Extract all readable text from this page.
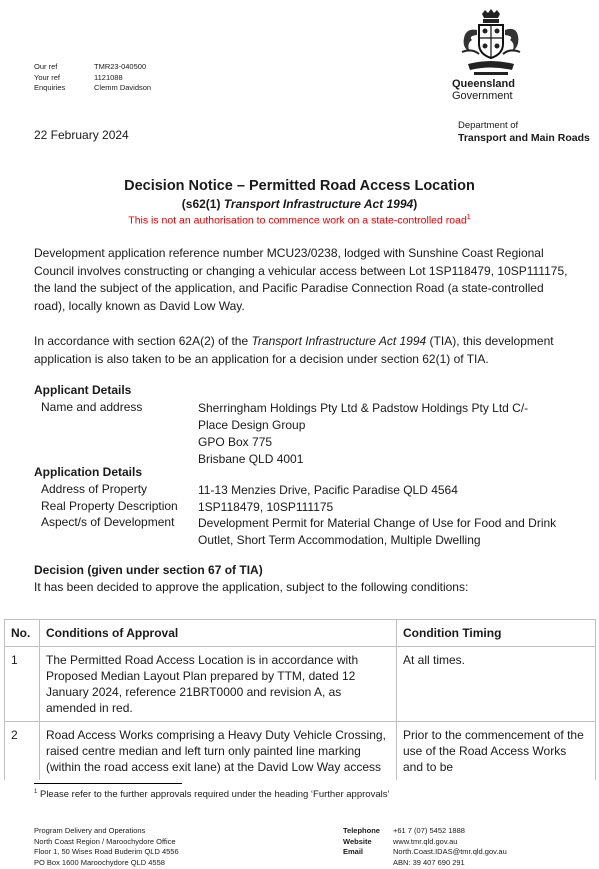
Our ref	TMR23-040500
Your ref	1121088
Enquiries	Clemm Davidson	Queensland
Government
Department of
Transport and Main Roads
22 February 2024
Decision Notice – Permitted Road Access Location
(s62(1) Transport Infrastructure Act 1994)
This is not an authorisation to commence work on a state-controlled road$^1$
Development application reference number MCU23/0238, lodged with Sunshine Coast Regional Council involves constructing or changing a vehicular access between Lot 1SP118479, 10SP111175, the land the subject of the application, and Pacific Paradise Connection Road (a state-controlled road), locally known as David Low Way.
In accordance with section 62A(2) of the Transport Infrastructure Act 1994 (TIA), this development application is also taken to be an application for a decision under section 62(1) of TIA.
Applicant Details
Name and address	Sherringham Holdings Pty Ltd & Padstow Holdings Pty Ltd C/-
Place Design Group
GPO Box 775
Brisbane QLD 4001
Application Details
Address of Property	11-13 Menzies Drive, Pacific Paradise QLD 4564
Real Property Description 1SP118479, 10SP111175
Aspect/s of Development Development Permit for Material Change of Use for Food and Drink Outlet, Short Term Accommodation, Multiple Dwelling
Decision (given under section 67 of TIA)
It has been decided to approve the application, subject to the following conditions:
No.	Conditions of Approval	Condition Timing
1	The Permitted Road Access Location is in accordance with Proposed Median Layout Plan prepared by TTM, dated 12 January 2024, reference 21BRT0000 and revision A, as amended in red.	At all times.
2	Road Access Works comprising a Heavy Duty Vehicle Crossing, raised centre median and left turn only painted line marking (within the road access exit lane) at the David Low Way access	Prior to the commencement of the use of the Road Access Works and to be
$^1$ Please refer to the further approvals required under the heading ‘Further approvals’
Program Delivery and Operations
North Coast Region / Maroochydore Office
Floor 1, 50 Wises Road Buderim QLD 4556
PO Box 1600 Maroochydore QLD 4558
Telephone	+61 7 (07) 5452 1888
Website	www.tmr.qld.gov.au
Email	North.Coast.IDAS@tmr.qld.gov.au
	ABN: 39 407 690 291
